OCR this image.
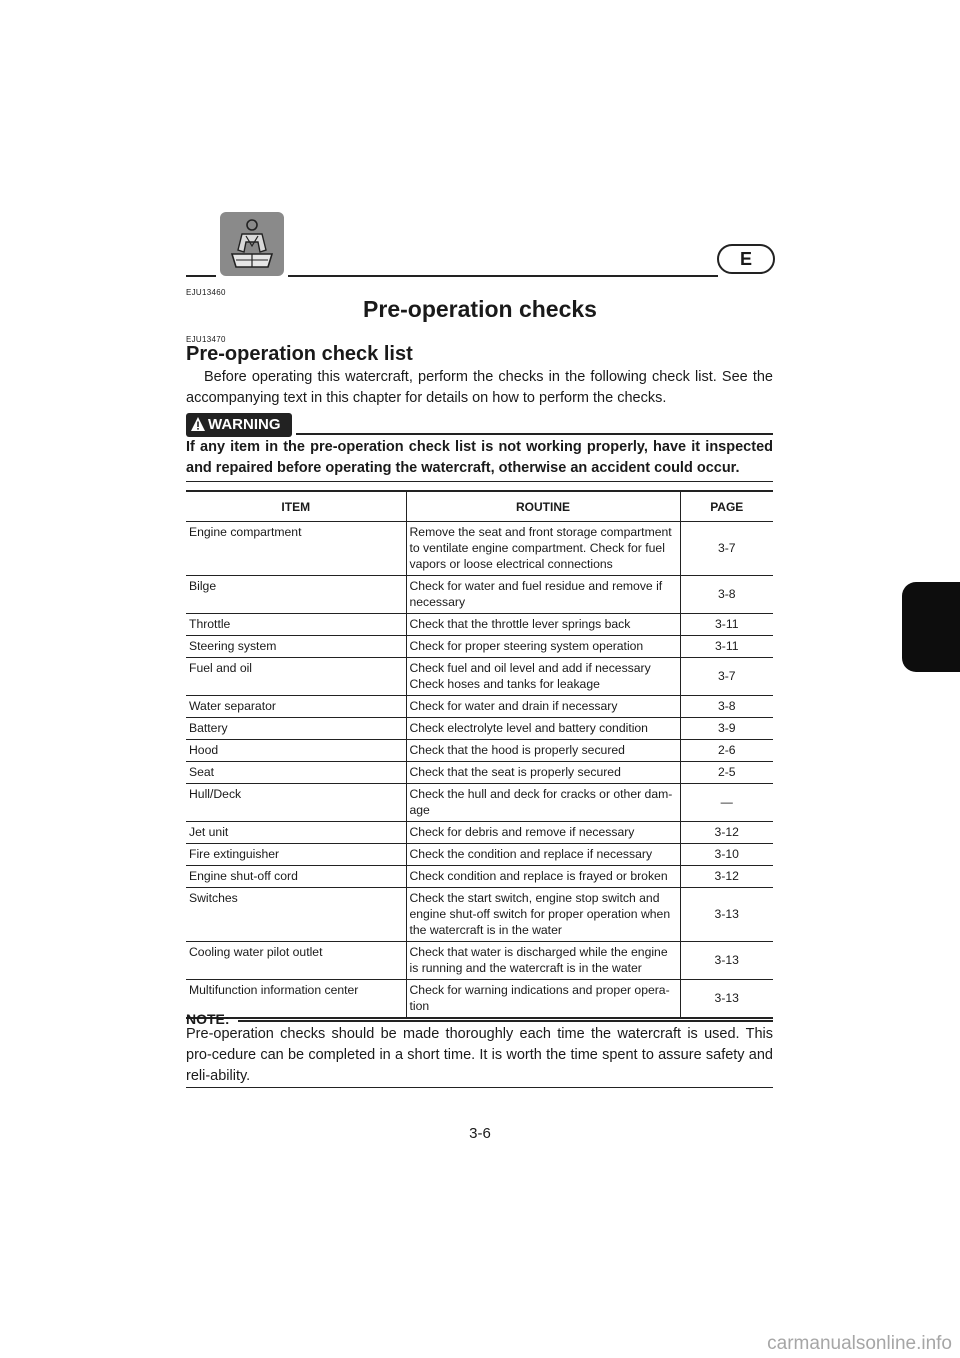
E
EJU13460
Pre-operation checks
EJU13470
Pre-operation check list
Before operating this watercraft, perform the checks in the following check list. See the accompanying text in this chapter for details on how to perform the checks.
WARNING
If any item in the pre-operation check list is not working properly, have it inspected and repaired before operating the watercraft, otherwise an accident could occur.
ITEM	ROUTINE	PAGE
Engine compartment	Remove the seat and front storage compartment to ventilate engine compartment. Check for fuel vapors or loose electrical connections	3-7
Bilge	Check for water and fuel residue and remove if necessary	3-8
Throttle	Check that the throttle lever springs back	3-11
Steering system	Check for proper steering system operation	3-11
Fuel and oil	Check fuel and oil level and add if necessary Check hoses and tanks for leakage	3-7
Water separator	Check for water and drain if necessary	3-8
Battery	Check electrolyte level and battery condition	3-9
Hood	Check that the hood is properly secured	2-6
Seat	Check that the seat is properly secured	2-5
Hull/Deck	Check the hull and deck for cracks or other dam-age	—
Jet unit	Check for debris and remove if necessary	3-12
Fire extinguisher	Check the condition and replace if necessary	3-10
Engine shut-off cord	Check condition and replace is frayed or broken	3-12
Switches	Check the start switch, engine stop switch and engine shut-off switch for proper operation when the watercraft is in the water	3-13
Cooling water pilot outlet	Check that water is discharged while the engine is running and the watercraft is in the water	3-13
Multifunction information center	Check for warning indications and proper opera-tion	3-13
NOTE:
Pre-operation checks should be made thoroughly each time the watercraft is used. This pro-cedure can be completed in a short time. It is worth the time spent to assure safety and reli-ability.
3-6
carmanualsonline.info
